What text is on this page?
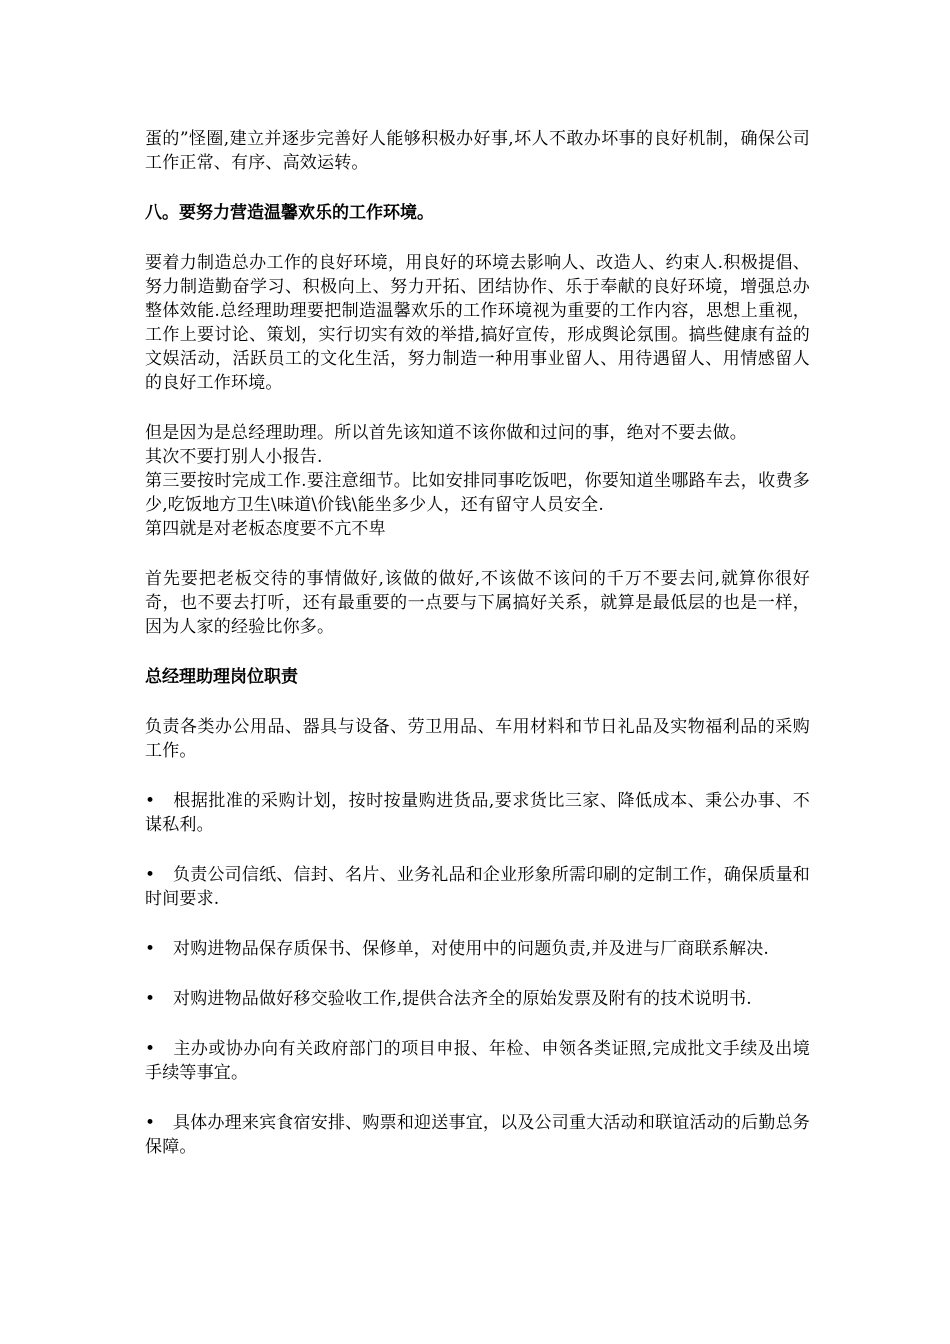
蛋的”怪圈,建立并逐步完善好人能够积极办好事,坏人不敢办坏事的良好机制，确保公司工作正常、有序、高效运转。

八。要努力营造温馨欢乐的工作环境。

要着力制造总办工作的良好环境，用良好的环境去影响人、改造人、约束人.积极提倡、努力制造勤奋学习、积极向上、努力开拓、团结协作、乐于奉献的良好环境，增强总办整体效能.总经理助理要把制造温馨欢乐的工作环境视为重要的工作内容，思想上重视，工作上要讨论、策划，实行切实有效的举措,搞好宣传，形成舆论氛围。搞些健康有益的文娱活动，活跃员工的文化生活，努力制造一种用事业留人、用待遇留人、用情感留人的良好工作环境。

但是因为是总经理助理。所以首先该知道不该你做和过问的事，绝对不要去做。

其次不要打别人小报告.

第三要按时完成工作.要注意细节。比如安排同事吃饭吧，你要知道坐哪路车去，收费多少,吃饭地方卫生\味道\价钱\能坐多少人，还有留守人员安全.

第四就是对老板态度要不亢不卑

首先要把老板交待的事情做好,该做的做好,不该做不该问的千万不要去问,就算你很好奇，也不要去打听，还有最重要的一点要与下属搞好关系，就算是最低层的也是一样，因为人家的经验比你多。

总经理助理岗位职责

负责各类办公用品、器具与设备、劳卫用品、车用材料和节日礼品及实物福利品的采购工作。

• 根据批准的采购计划，按时按量购进货品,要求货比三家、降低成本、秉公办事、不谋私利。

• 负责公司信纸、信封、名片、业务礼品和企业形象所需印刷的定制工作，确保质量和时间要求.

• 对购进物品保存质保书、保修单，对使用中的问题负责,并及进与厂商联系解决.

• 对购进物品做好移交验收工作,提供合法齐全的原始发票及附有的技术说明书.

• 主办或协办向有关政府部门的项目申报、年检、申领各类证照,完成批文手续及出境手续等事宜。

• 具体办理来宾食宿安排、购票和迎送事宜，以及公司重大活动和联谊活动的后勤总务保障。
